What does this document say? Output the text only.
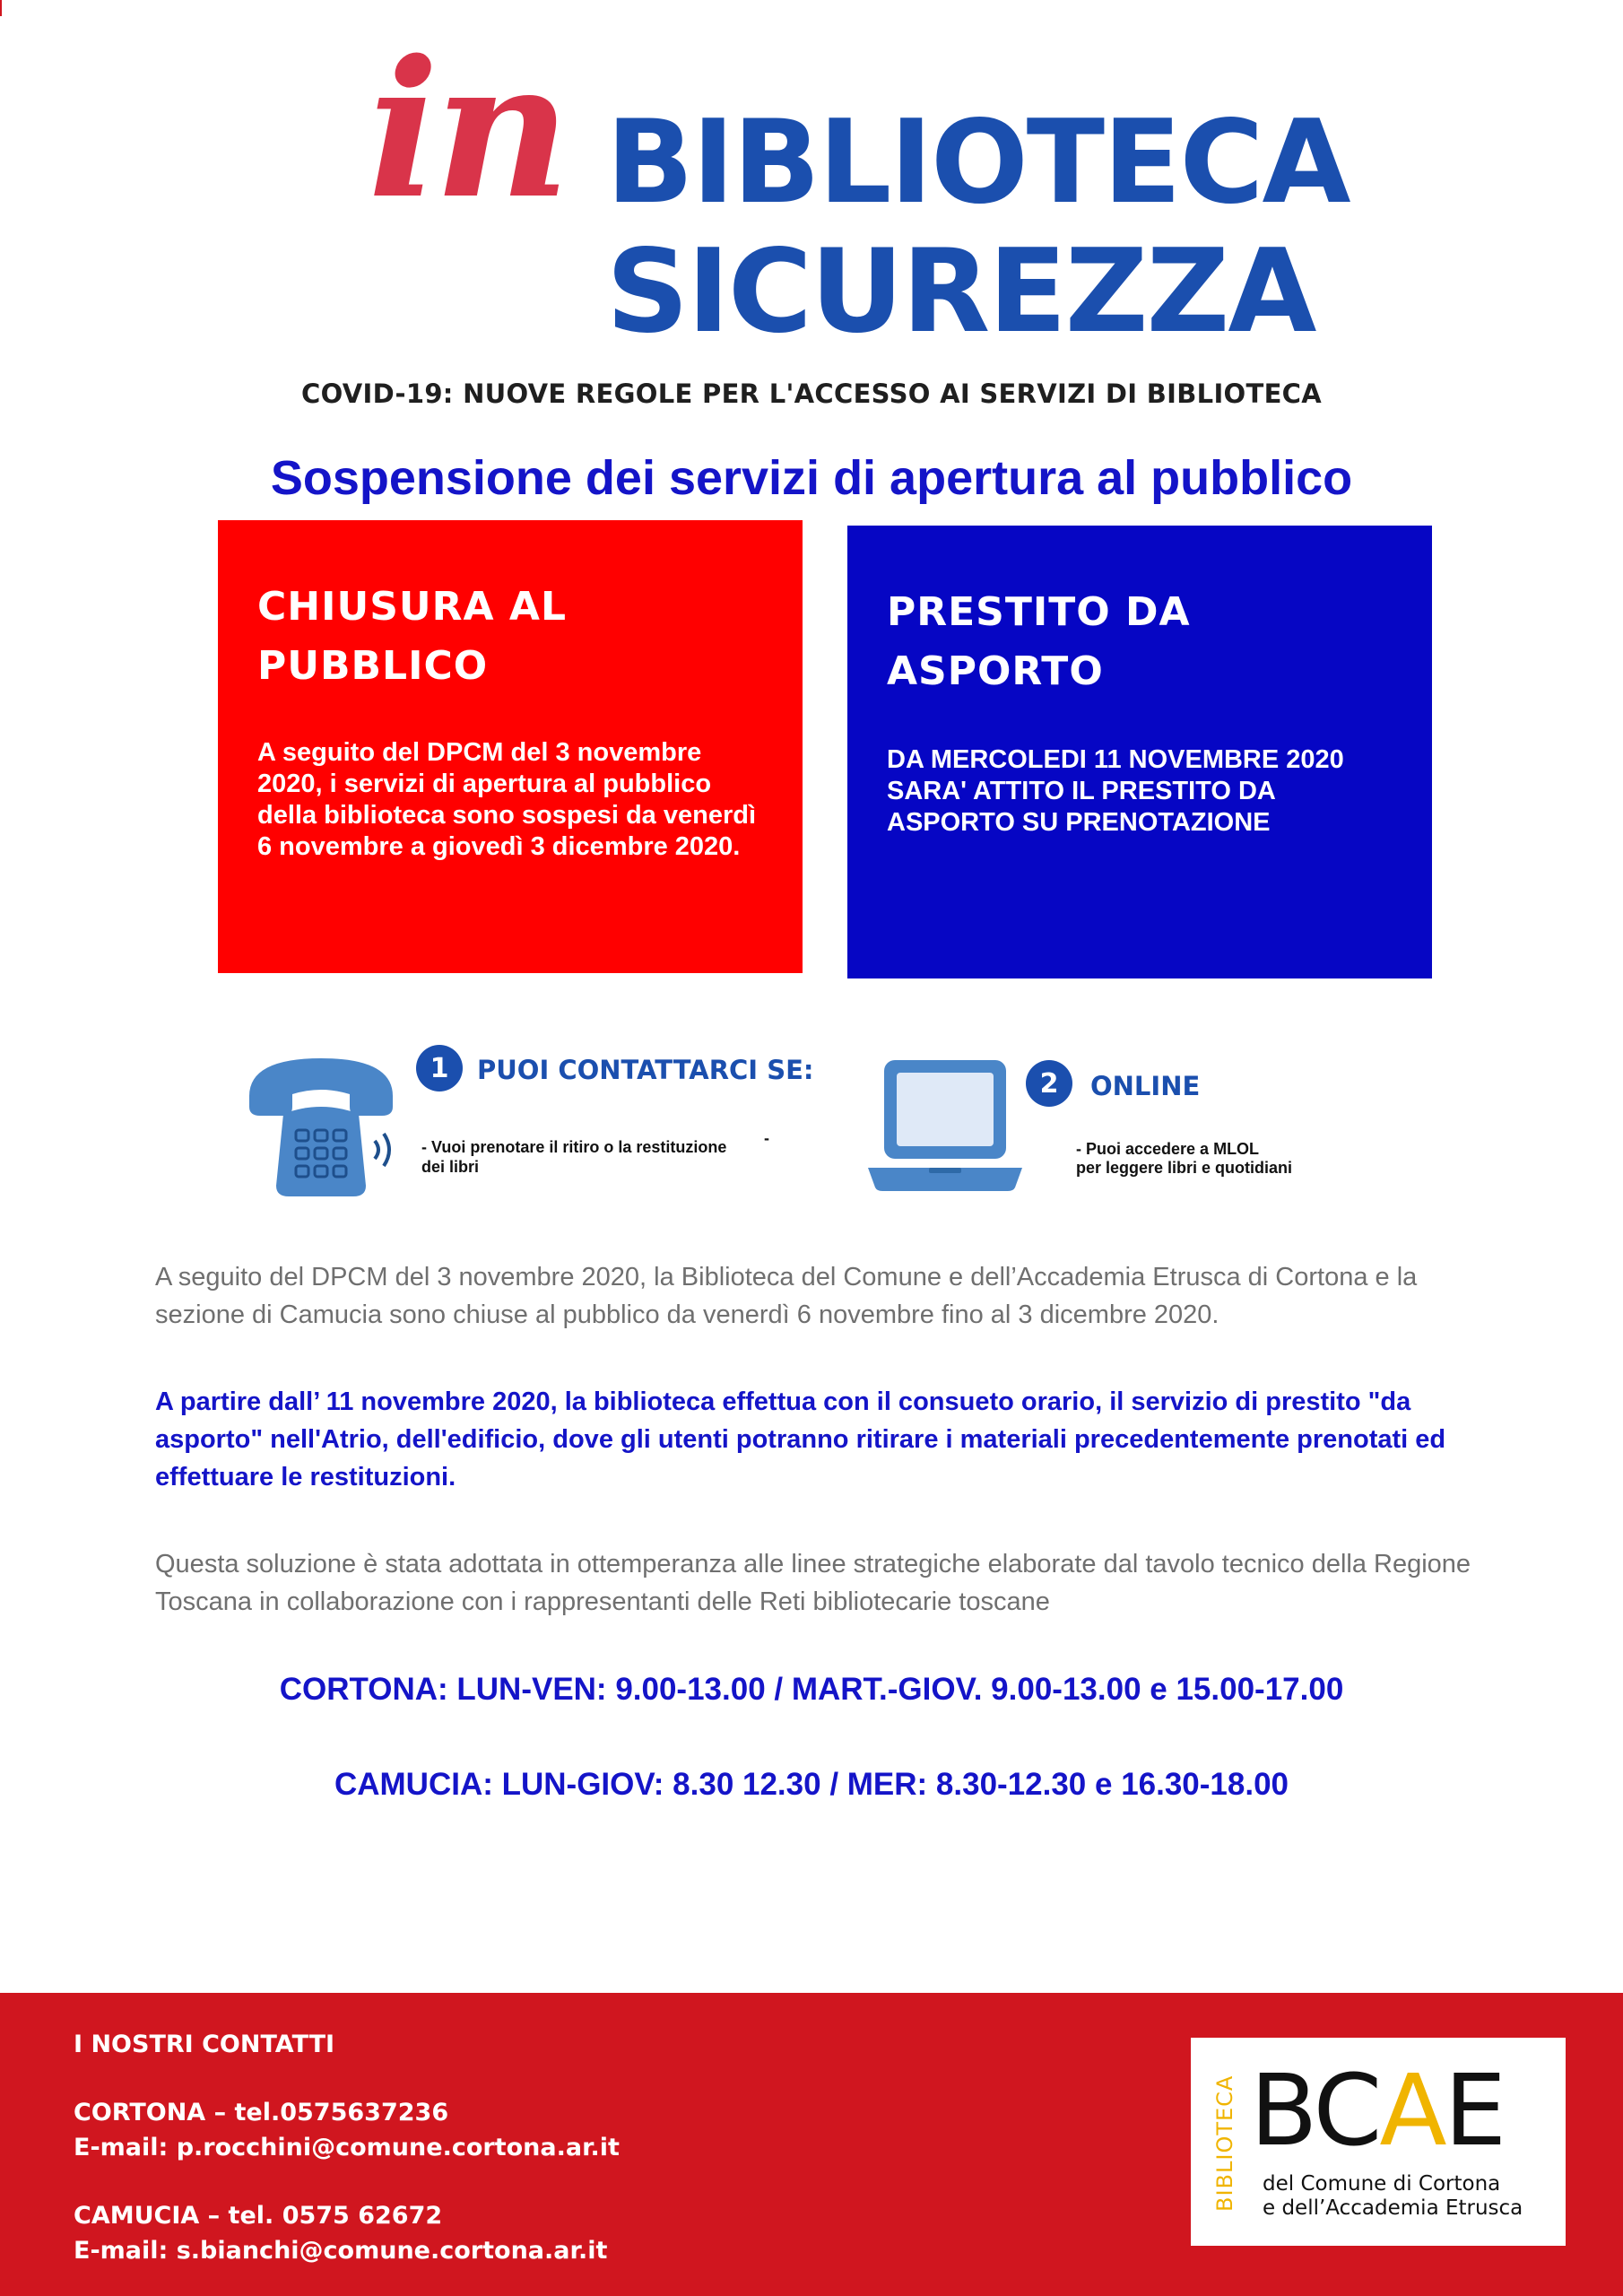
in BIBLIOTECA
SICUREZZA
COVID-19: NUOVE REGOLE PER L'ACCESSO AI SERVIZI DI BIBLIOTECA
Sospensione dei servizi di apertura al pubblico
CHIUSURA AL PUBBLICO

A seguito del DPCM del 3 novembre 2020, i servizi di apertura al pubblico della biblioteca sono sospesi da venerdì 6 novembre a giovedì 3 dicembre 2020.

PRESTITO DA ASPORTO

DA MERCOLEDI 11 NOVEMBRE 2020 SARA' ATTITO IL PRESTITO DA ASPORTO SU PRENOTAZIONE

1	PUOI CONTATTARCI SE:
- Vuoi prenotare il ritiro o la restituzione dei libri
-
2	ONLINE
- Puoi accedere a MLOL
per leggere libri e quotidiani
A seguito del DPCM del 3 novembre 2020, la Biblioteca del Comune e dell’Accademia Etrusca di Cortona e la sezione di Camucia sono chiuse al pubblico da venerdì 6 novembre fino al 3 dicembre 2020.
A partire dall’ 11 novembre 2020, la biblioteca effettua con il consueto orario, il servizio di prestito "da asporto" nell'Atrio, dell'edificio, dove gli utenti potranno ritirare i materiali precedentemente prenotati ed effettuare le restituzioni.
Questa soluzione è stata adottata in ottemperanza alle linee strategiche elaborate dal tavolo tecnico della Regione Toscana in collaborazione con i rappresentanti delle Reti bibliotecarie toscane
CORTONA: LUN-VEN: 9.00-13.00 / MART.-GIOV. 9.00-13.00 e 15.00-17.00
CAMUCIA: LUN-GIOV: 8.30 12.30 / MER: 8.30-12.30 e 16.30-18.00
I NOSTRI CONTATTI
CORTONA – tel.0575637236
E-mail: p.rocchini@comune.cortona.ar.it
CAMUCIA – tel. 0575 62672
E-mail: s.bianchi@comune.cortona.ar.it
BIBLIOTECA BCAE
del Comune di Cortona
e dell’Accademia Etrusca
